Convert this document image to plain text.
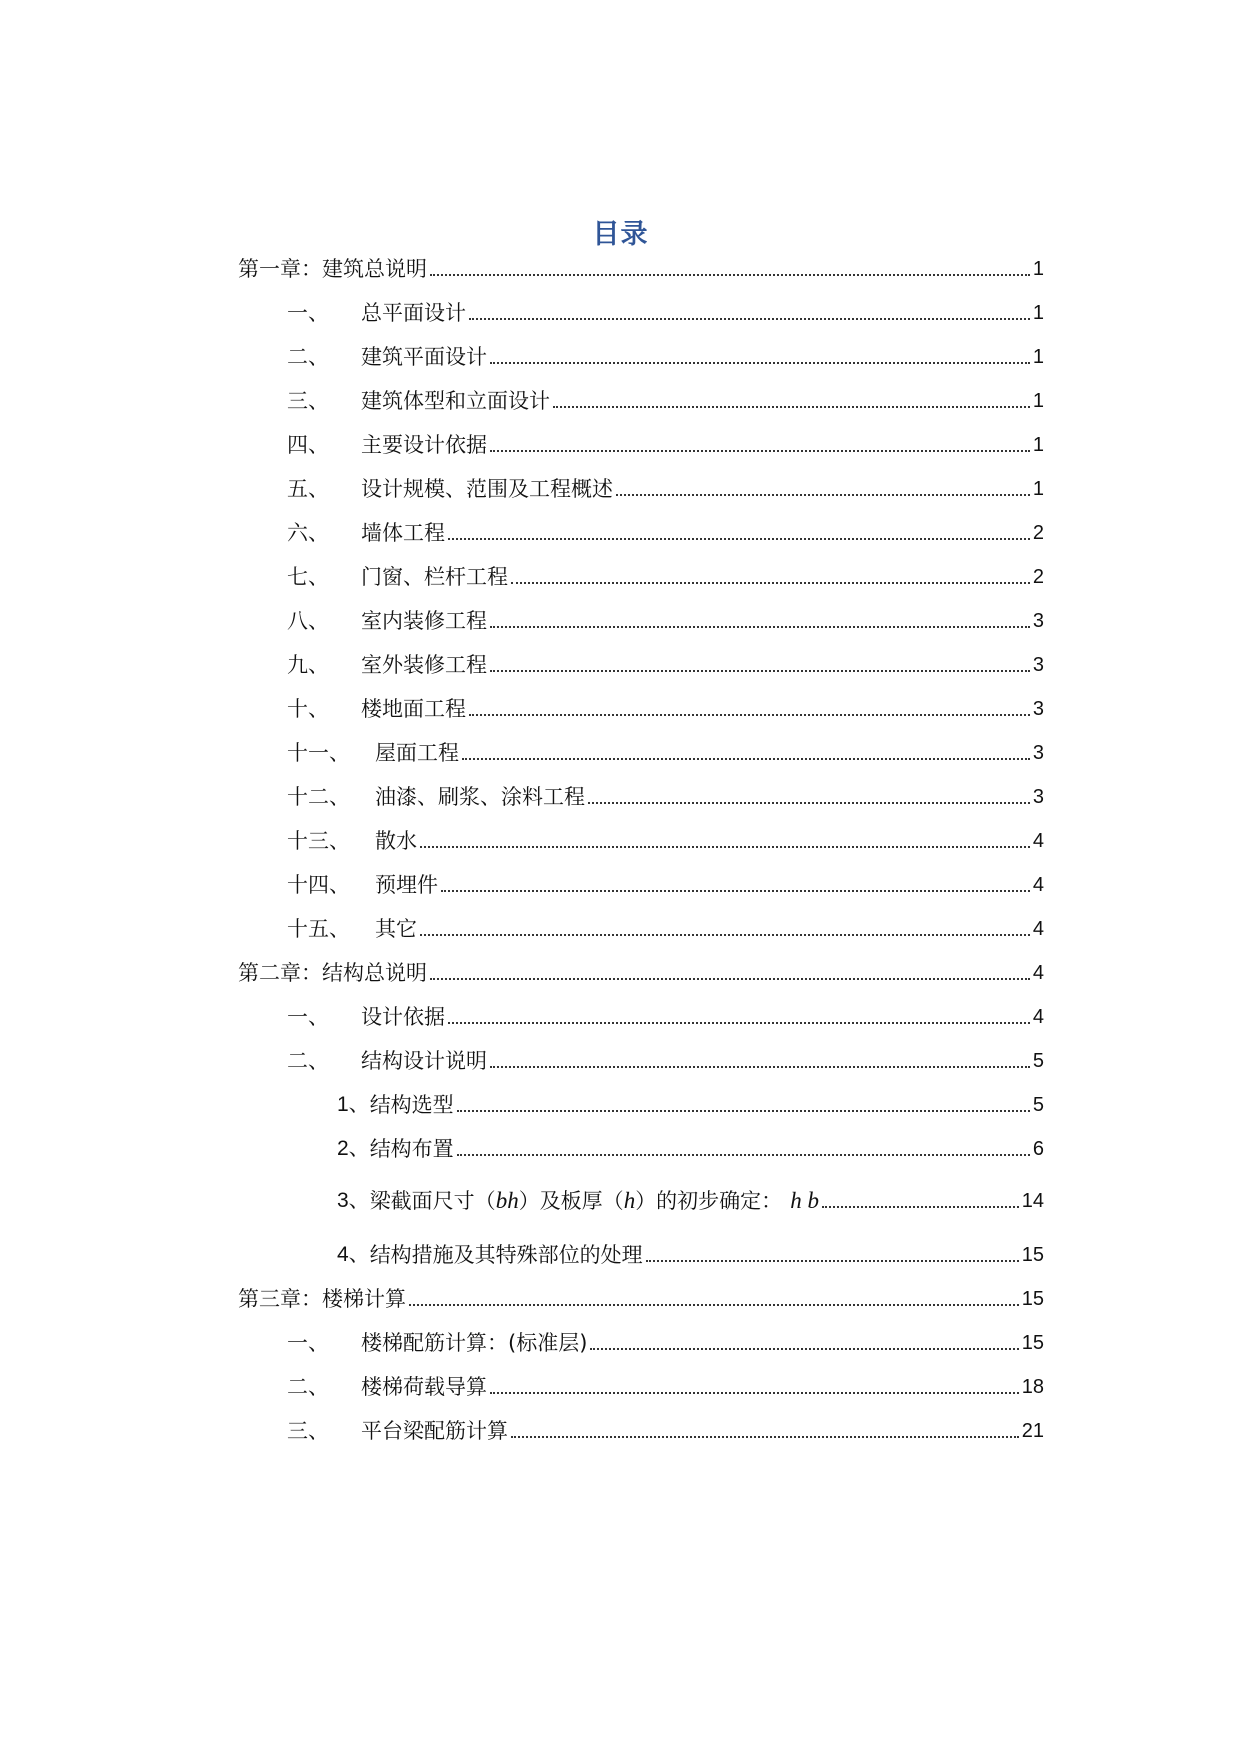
目录
第一章： 建筑总说明	1
一、	总平面设计	1
二、	建筑平面设计	1
三、	建筑体型和立面设计	1
四、	主要设计依据	1
五、	设计规模、范围及工程概述	1
六、	墙体工程	2
七、	门窗、栏杆工程	2
八、	室内装修工程	3
九、	室外装修工程	3
十、	楼地面工程	3
十一、	屋面工程	3
十二、	油漆、刷浆、涂料工程	3
十三、	散水	4
十四、	预埋件	4
十五、	其它	4
第二章： 结构总说明	4
一、	设计依据	4
二、	结构设计说明	5
1、 结构选型	5
2、 结构布置	6
3、 梁截面尺寸（bh）及板厚（h）的初步确定： h b	14
4、 结构措施及其特殊部位的处理	15
第三章： 楼梯计算	15
一、	楼梯配筋计算：(标准层)	15
二、	楼梯荷载导算	18
三、	平台梁配筋计算	21
